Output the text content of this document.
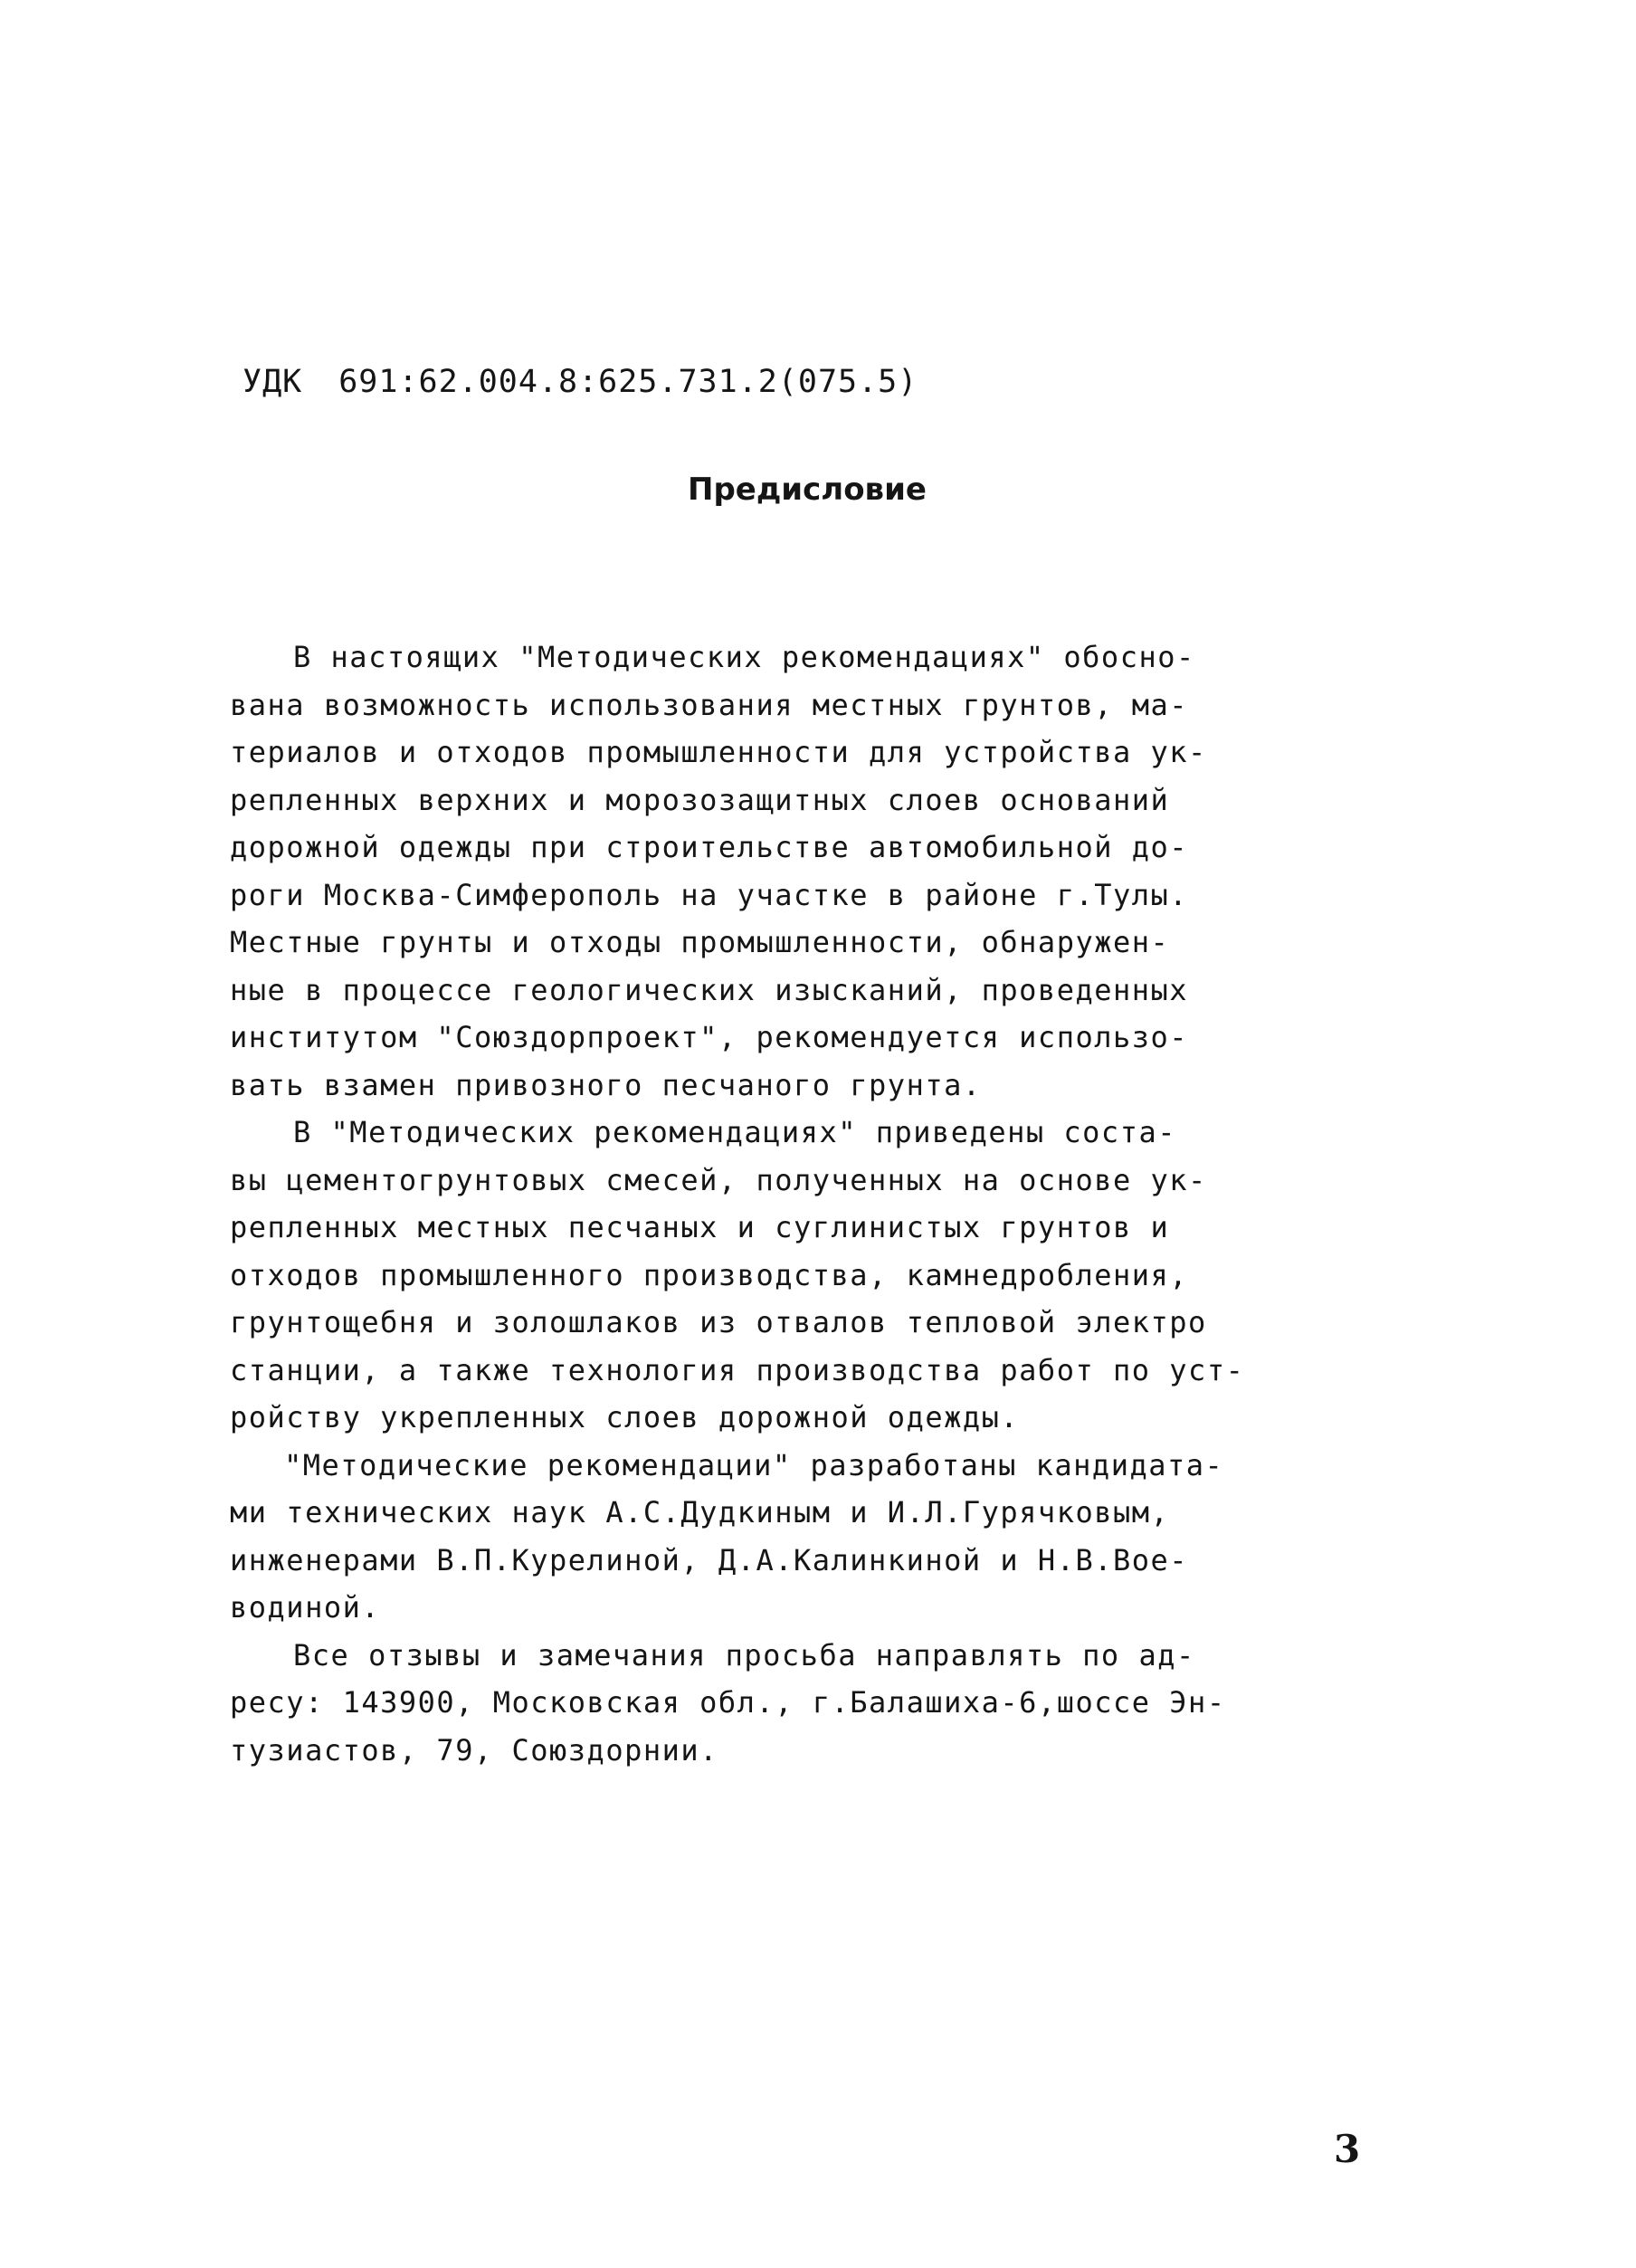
УДК 691:62.004.8:625.731.2(075.5)
Предисловие
В настоящих "Методических рекомендациях" обосно-
вана возможность использования местных грунтов, ма-
териалов и отходов промышленности для устройства ук-
репленных верхних и морозозащитных слоев оснований
дорожной одежды при строительстве автомобильной до-
роги Москва-Симферополь на участке в районе г.Тулы.
Местные грунты и отходы промышленности, обнаружен-
ные в процессе геологических изысканий, проведенных
институтом "Союздорпроект", рекомендуется использо-
вать взамен привозного песчаного грунта.
В "Методических рекомендациях" приведены соста-
вы цементогрунтовых смесей, полученных на основе ук-
репленных местных песчаных и суглинистых грунтов и
отходов промышленного производства, камнедробления,
грунтощебня и золошлаков из отвалов тепловой электро
станции, а также технология производства работ по уст-
ройству укрепленных слоев дорожной одежды.
"Методические рекомендации" разработаны кандидата-
ми технических наук А.С.Дудкиным и И.Л.Гурячковым,
инженерами В.П.Курелиной, Д.А.Калинкиной и Н.В.Вое-
водиной.
Все отзывы и замечания просьба направлять по ад-
ресу: 143900, Московская обл., г.Балашиха-6,шоссе Эн-
тузиастов, 79, Союздорнии.
3
